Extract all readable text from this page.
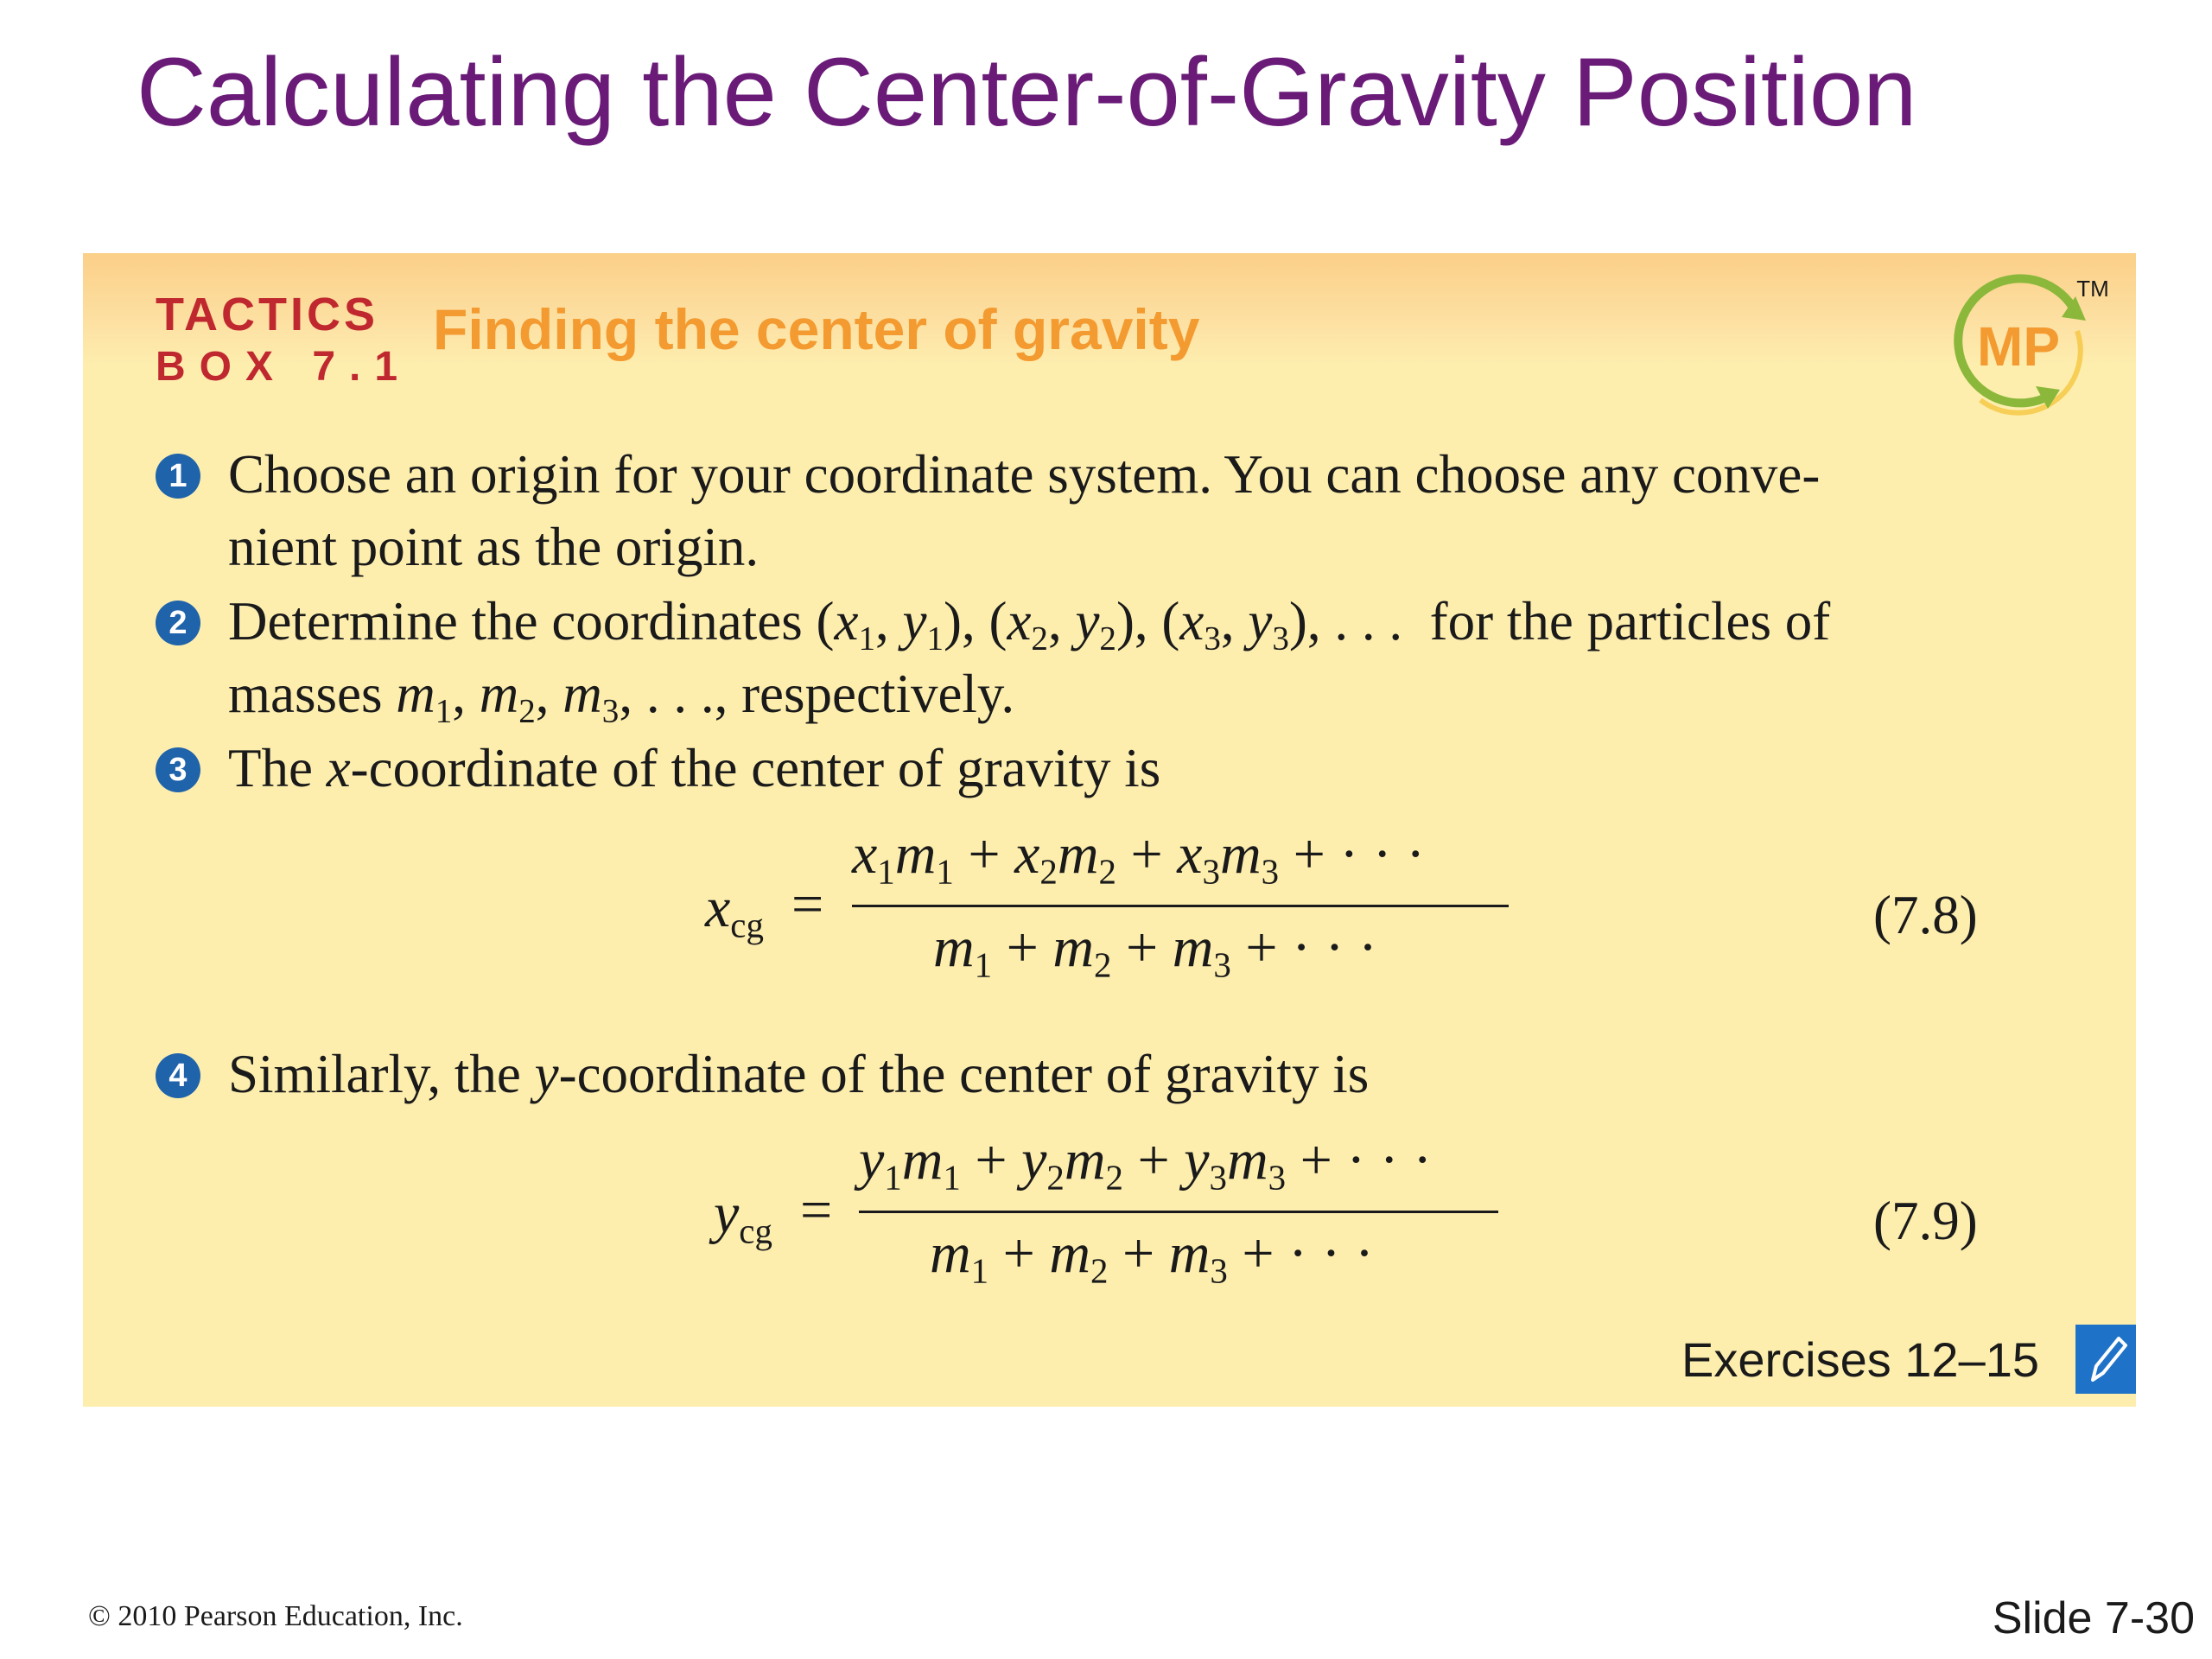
Calculating the Center-of-Gravity Position
TACTICS
BOX 7.1
Finding the center of gravity	MP
TM
1 Choose an origin for your coordinate system. You can choose any conve-
nient point as the origin.
2 Determine the coordinates ($x_1$, $y_1$), ($x_2$, $y_2$), ($x_3$, $y_3$), . . .  for the particles of
masses $m_1$, $m_2$, $m_3$, . . ., respectively.
3 The x-coordinate of the center of gravity is
$x_{cg}$ =
$x_1m_1 + x_2m_2 + x_3m_3$ + · · ·
$m_1 + m_2 + m_3$ + · · ·
(7.8)
4 Similarly, the y-coordinate of the center of gravity is
$y_{cg}$ =
$y_1m_1 + y_2m_2 + y_3m_3$ + · · ·
$m_1 + m_2 + m_3$ + · · ·
(7.9)
Exercises 12–15
© 2010 Pearson Education, Inc.	Slide 7-30
